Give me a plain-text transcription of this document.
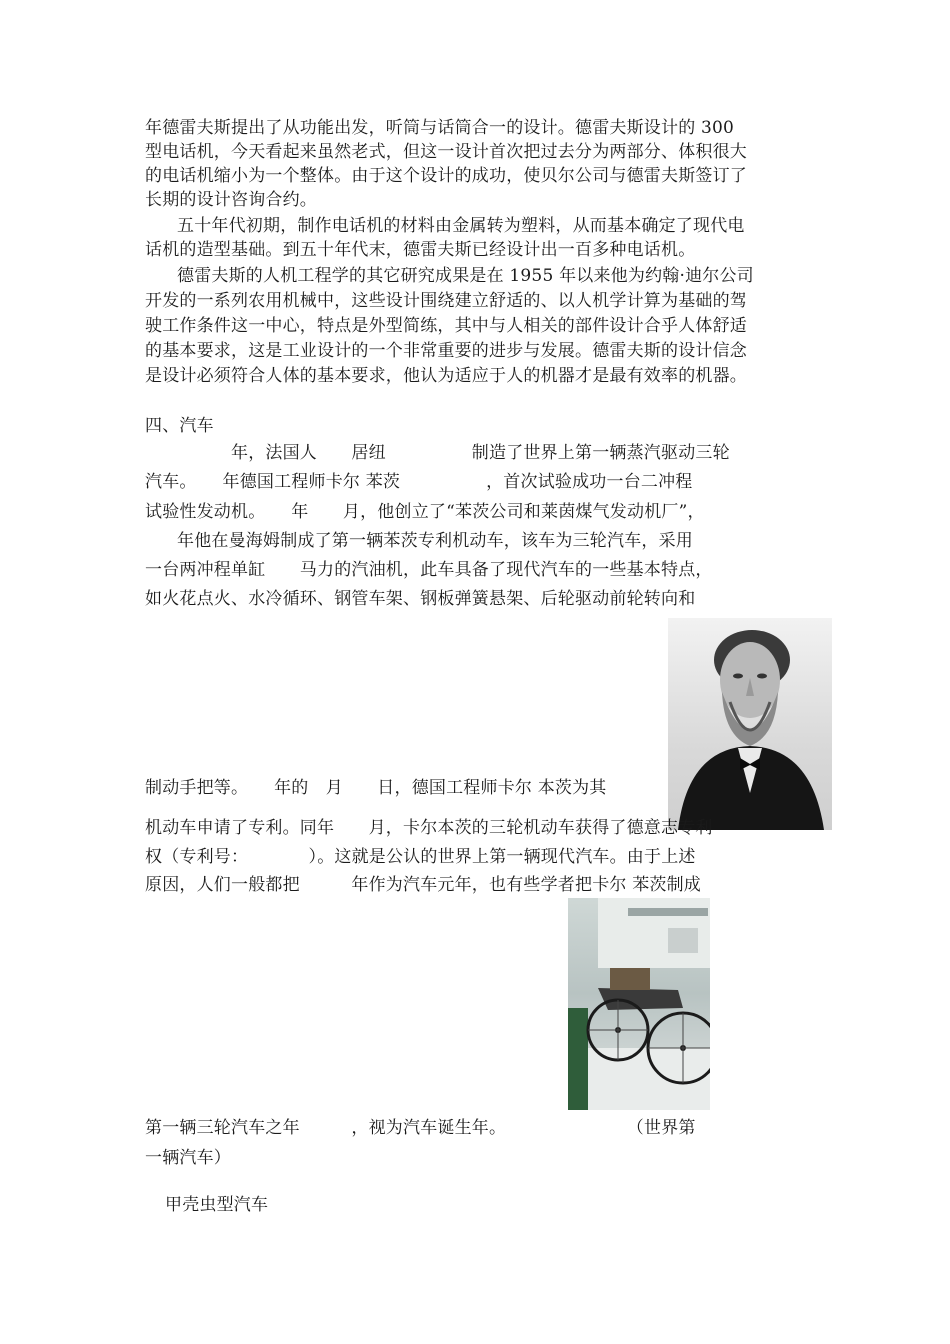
年德雷夫斯提出了从功能出发，听筒与话筒合一的设计。德雷夫斯设计的 300
型电话机，今天看起来虽然老式，但这一设计首次把过去分为两部分、体积很大
的电话机缩小为一个整体。由于这个设计的成功，使贝尔公司与德雷夫斯签订了
长期的设计咨询合约。
五十年代初期，制作电话机的材料由金属转为塑料，从而基本确定了现代电
话机的造型基础。到五十年代末，德雷夫斯已经设计出一百多种电话机。
德雷夫斯的人机工程学的其它研究成果是在 1955 年以来他为约翰·迪尔公司
开发的一系列农用机械中，这些设计围绕建立舒适的、以人机学计算为基础的驾
驶工作条件这一中心，特点是外型简练，其中与人相关的部件设计合乎人体舒适
的基本要求，这是工业设计的一个非常重要的进步与发展。德雷夫斯的设计信念
是设计必须符合人体的基本要求，他认为适应于人的机器才是最有效率的机器。
四、汽车
年，法国人　　居纽　　　　　制造了世界上第一辆蒸汽驱动三轮
汽车。　　年德国工程师卡尔 苯茨　　　　　，首次试验成功一台二冲程
试验性发动机。　　年　　月，他创立了“苯茨公司和莱茵煤气发动机厂”，
年他在曼海姆制成了第一辆苯茨专利机动车，该车为三轮汽车，采用
一台两冲程单缸　　马力的汽油机，此车具备了现代汽车的一些基本特点，
如火花点火、水冷循环、钢管车架、钢板弹簧悬架、后轮驱动前轮转向和
制动手把等。　　年的　月　　日，德国工程师卡尔 本茨为其
机动车申请了专利。同年　　月，卡尔本茨的三轮机动车获得了德意志专利
权（专利号：　　　　）。这就是公认的世界上第一辆现代汽车。由于上述
原因，人们一般都把　　　年作为汽车元年，也有些学者把卡尔 苯茨制成
第一辆三轮汽车之年　　　，视为汽车诞生年。　　　　　　　　（世界第
一辆汽车）
甲壳虫型汽车
